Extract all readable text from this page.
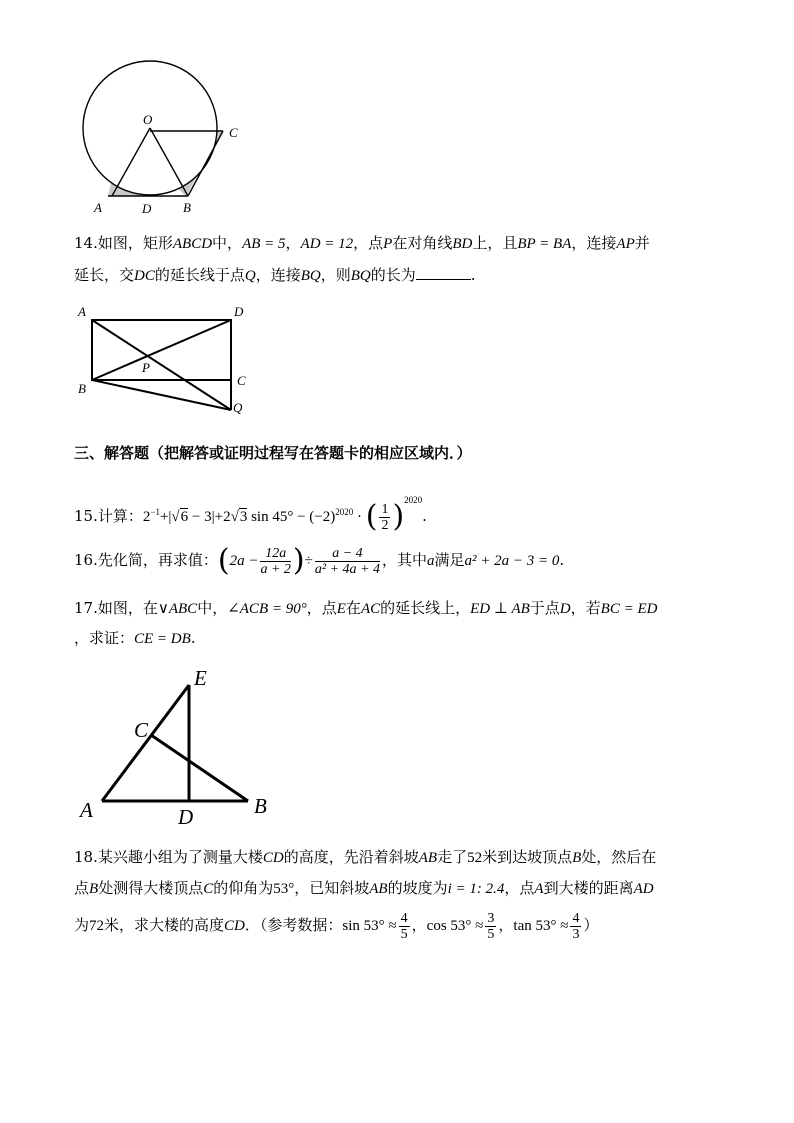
O
C
A	D B
14.如图，矩形ABCD中，AB = 5，AD = 12，点P在对角线BD上，且BP = BA，连接AP并
延长，交DC的延长线于点Q，连接BQ，则BQ的长为	.
A	D
P
B
C
Q
三、解答题（把解答或证明过程写在答题卡的相应区域内．）
15.计算：$2^{-1}+|√6 - 3|+2√3$ $\sin 45^\circ - (-2)^{2020}$ · ( $\frac{1}{2} )^{2020}$.
16.先化简，再求值：($2a - \frac{12a}{a + 2}$ )÷ $\frac{a - 4}{\text{a² + 4a + 4}}$ ，其中a满足a² + 2a − 3 = 0.
17.如图，在∨ABC中，∠ACB = 90°，点E在AC的延长线上，ED ⊥ AB于点D，若BC = ED
，求证：CE = DB.
E
C
A	D	B
18.某兴趣小组为了测量大楼CD的高度，先沿着斜坡AB走了52米到达坡顶点B处，然后在
点B处测得大楼顶点C的仰角为53°，已知斜坡AB的坡度为i = 1: 2.4，点A到大楼的距离AD
为72米，求大楼的高度CD．（参考数据：$\sin 53^\circ \approx \frac{4}{5}$ ，$\cos 53^\circ \approx \frac{3}{5}$ ，$\tan 53^\circ \approx \frac{4}{3}$ ）
